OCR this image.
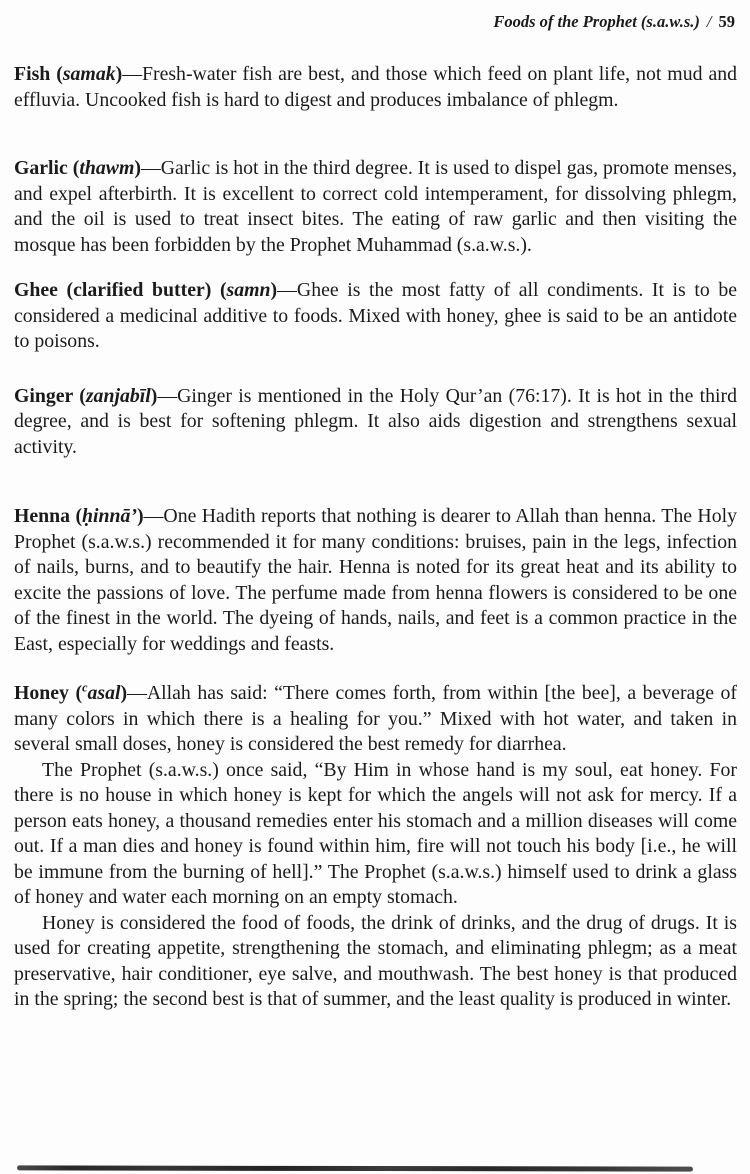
Foods of the Prophet (s.a.w.s.) / 59

Fish (samak)—Fresh-water fish are best, and those which feed on plant life, not mud and effluvia. Uncooked fish is hard to digest and produces imbalance of phlegm.

Garlic (thawm)—Garlic is hot in the third degree. It is used to dispel gas, promote menses, and expel afterbirth. It is excellent to correct cold intemperament, for dissolving phlegm, and the oil is used to treat insect bites. The eating of raw garlic and then visiting the mosque has been forbidden by the Prophet Muhammad (s.a.w.s.).

Ghee (clarified butter) (samn)—Ghee is the most fatty of all condiments. It is to be considered a medicinal additive to foods. Mixed with honey, ghee is said to be an antidote to poisons.

Ginger (zanjabīl)—Ginger is mentioned in the Holy Qur’an (76:17). It is hot in the third degree, and is best for softening phlegm. It also aids digestion and strengthens sexual activity.

Henna (ḥinnā’)—One Hadith reports that nothing is dearer to Allah than henna. The Holy Prophet (s.a.w.s.) recommended it for many conditions: bruises, pain in the legs, infection of nails, burns, and to beautify the hair. Henna is noted for its great heat and its ability to excite the passions of love. The perfume made from henna flowers is considered to be one of the finest in the world. The dyeing of hands, nails, and feet is a common practice in the East, especially for weddings and feasts.

Honey ($^c$asal)—Allah has said: “There comes forth, from within [the bee], a beverage of many colors in which there is a healing for you.” Mixed with hot water, and taken in several small doses, honey is considered the best remedy for diarrhea.

The Prophet (s.a.w.s.) once said, “By Him in whose hand is my soul, eat honey. For there is no house in which honey is kept for which the angels will not ask for mercy. If a person eats honey, a thousand remedies enter his stomach and a million diseases will come out. If a man dies and honey is found within him, fire will not touch his body [i.e., he will be immune from the burning of hell].” The Prophet (s.a.w.s.) himself used to drink a glass of honey and water each morning on an empty stomach.

Honey is considered the food of foods, the drink of drinks, and the drug of drugs. It is used for creating appetite, strengthening the stomach, and eliminating phlegm; as a meat preservative, hair conditioner, eye salve, and mouthwash. The best honey is that produced in the spring; the second best is that of summer, and the least quality is produced in winter.
